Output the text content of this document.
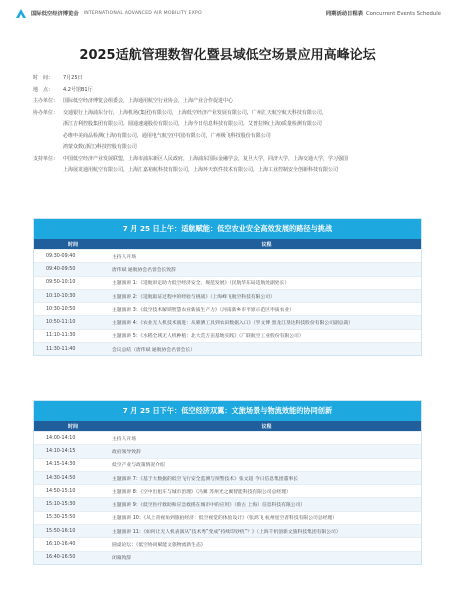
国际低空经济博览会 INTERNATIONAL ADVANCED AIR MOBILITY EXPO	同期活动日程表 Concurrent Events Schedule
2025适航管理数智化暨县域低空场景应用高峰论坛
时　间：	7月25日
地　点：	4.2号馆B1厅
主办单位： 国际低空经济博览会组委会，上海通用航空行业协会，上海产业合作促进中心
协办单位： 交通银行上海浦东分行，上海机场(集团)有限公司，上海低空经济产业发展有限公司，广州汇天航空航天科技有限公司，
浙江吉利控股集团有限公司，圆通速递股份有限公司，上海今日信息科技有限公司，艾普拉斯(上海)质量检测有限公司
必维申美商品检测(上海)有限公司，通用电气航空(中国)有限公司，广州极飞科技股份有限公司
鸿蒙众数(浙江)科技控股有限公司
支持单位： 中国低空经济产业发展联盟，上海市浦东新区人民政府，上海浦东国际金融学会，复旦大学，同济大学，上海交通大学，学习强国
上海展龙通用航空有限公司，上海汇嘉裕航科技有限公司，上海环天软件技术有限公司，上海工业控制安全创新科技有限公司
7 月 25 日上午：适航赋能：低空农业安全高效发展的路径与挑战
时间	议程
09:30-09:40	主持人开场
09:40-09:50	唐伟斌 通航协会名誉会长致辞
09:50-10:10	主题演讲 1：《适航审定助力低空经济安全、规范发展》（民航华东局适航处副处长）
10:10-10:30	主题演讲 2：《适航取证过程中的经验与挑战》（上海峰飞航空科技有限公司）
10:30-10:50	主题演讲 3：《低空技术解锁智慧农业新质生产力》（河南新乡市平原示范区申质农业）
10:50-11:10	主题演讲 4：《农业无人机技术演进：从喷洒工具到农田数据入口》（罗文博 黑龙江垦达科技股份有限公司副总裁）
11:10-11:30	主题演讲 5：《水稻全域无人机种植：北大荒万亩基地实践》（广联航空工业股份有限公司）
11:30-11:40	会议总结（唐伟斌 通航协会名誉会长）
7 月 25 日下午：低空经济双翼：文旅场景与物流效能的协同创新
时间	议程
14:00-14:10	主持人开场
14:10-14:15	政府领导致辞
14:15-14:30	低空产业与政策情况介绍
14:30-14:50	主题演讲 7：《基于大数据的低空飞行安全监测与预警技术》张文超 今日信息集团董事长
14:50-15:10	主题演讲 8：《空中出租车与城市治理》（冯翼 苏州光之翼智能科技有限公司总经理）
15:10-15:30	主题演讲 9：《低空医疗救助和应急救援在城市中的应用》（蔡古 上海）信息科技有限公司）
15:30-15:50	主题演讲 10：《从上帝视角到旅拍经济：低空视觉的体验设计》（张鸿飞 杭州星空者科技有限公司总经理）
15:50-16:10	主题演讲 11：《如何让无人机表演从“技术秀”变成“持续印钞机”？》（上海千机创新文旅科技集团有限公司）
16:10-16:40	圆桌论坛：《低空协同赋能文旅物流新生态》
16:40-16:50	闭幕致辞
